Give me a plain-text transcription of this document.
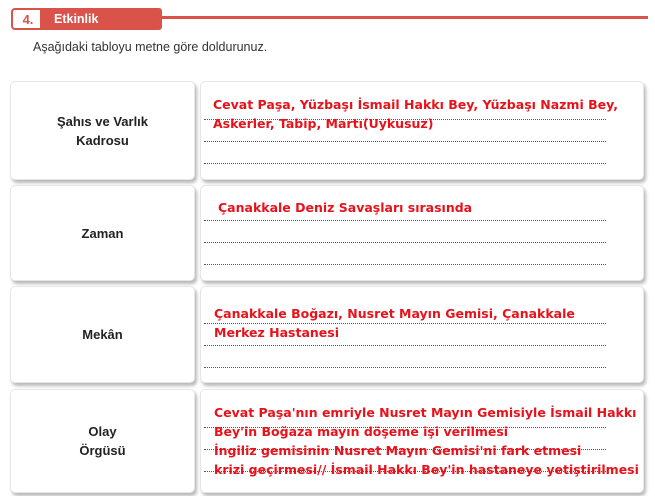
4.	Etkinlik
Aşağıdaki tabloyu metne göre doldurunuz.
Şahıs ve Varlık
Kadrosu
Cevat Paşa, Yüzbaşı İsmail Hakkı Bey, Yüzbaşı Nazmi Bey,
Askerler, Tabip, Martı(Uykusuz)
Zaman
Çanakkale Deniz Savaşları sırasında
Mekân
Çanakkale Boğazı, Nusret Mayın Gemisi, Çanakkale
Merkez Hastanesi
Olay
Örgüsü
Cevat Paşa'nın emriyle Nusret Mayın Gemisiyle İsmail Hakkı
Bey'in Boğaza mayın döşeme işi verilmesi
İngiliz gemisinin Nusret Mayın Gemisi'ni fark etmesi
krizi geçirmesi// İsmail Hakkı Bey'in hastaneye yetiştirilmesi
